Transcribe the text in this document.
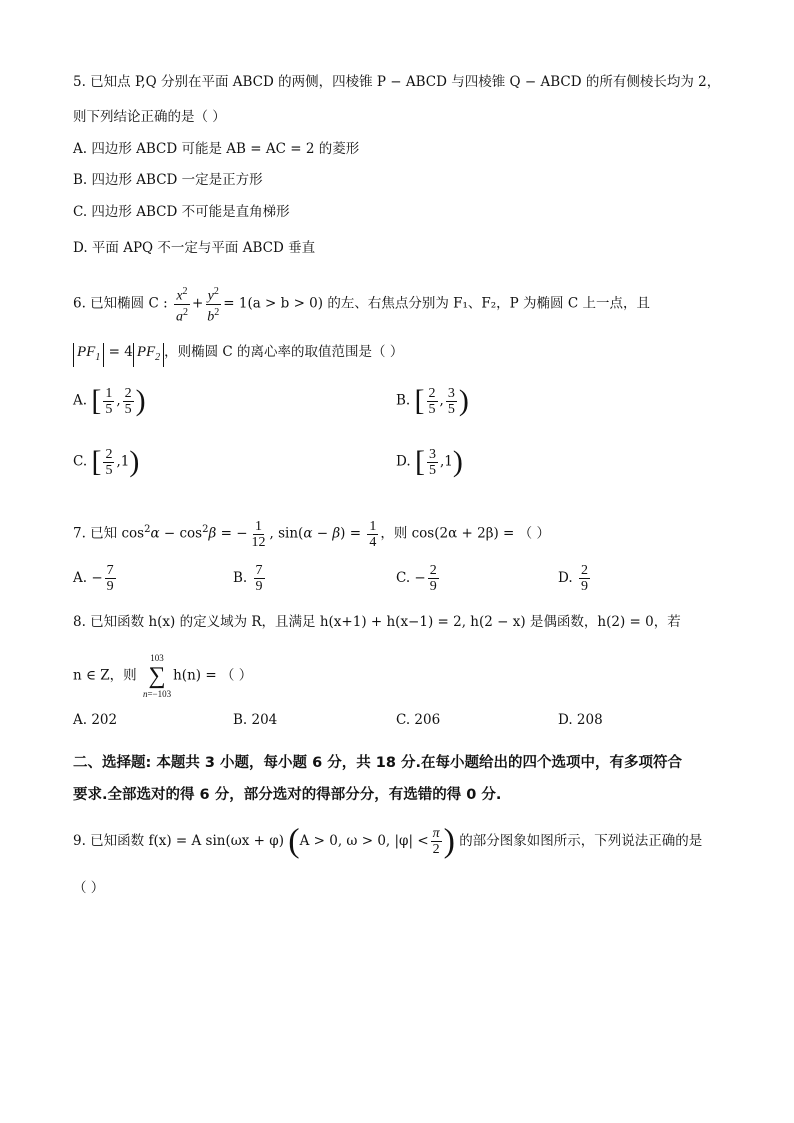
5. 已知点 P,Q 分别在平面 ABCD 的两侧，四棱锥 P − ABCD 与四棱锥 Q − ABCD 的所有侧棱长均为 2，
则下列结论正确的是（ ）
A. 四边形 ABCD 可能是 AB = AC = 2 的菱形
B. 四边形 ABCD 一定是正方形
C. 四边形 ABCD 不可能是直角梯形
D. 平面 APQ 不一定与平面 ABCD 垂直
6. 已知椭圆 C : $\frac{x^2}{a^2} + \frac{y^2}{b^2} = 1(a > b > 0)$ 的左、右焦点分别为 F₁、F₂，P 为椭圆 C 上一点，且
$PF_1 = 4$ $PF_2$ ，则椭圆 C 的离心率的取值范围是（ ）
A. [ $\frac{1}{5}$ , $\frac{2}{5}$ )	B. [ $\frac{2}{5}$ , $\frac{3}{5}$ )
C. [ $\frac{2}{5} ,1$)	D. [ $\frac{3}{5} ,1$)
7. 已知 $\cos^2\alpha - \cos^2\beta$ = − $\frac{1}{12}$ , $\sin(\alpha - \beta) = \frac{1}{4}$ ，则 cos(2α + 2β) = （ ）
A. − $\frac{7}{9}$	B. $\frac{7}{9}$	C. − $\frac{2}{9}$	D. $\frac{2}{9}$
8. 已知函数 h(x) 的定义域为 R，且满足 h(x+1) + h(x−1) = 2, h(2 − x) 是偶函数，h(2) = 0，若
n ∈ Z，则
103
∑
n=−103
h(n) = （ ）
A. 202	B. 204	C. 206	D. 208
二、选择题: 本题共 3 小题，每小题 6 分，共 18 分.在每小题给出的四个选项中，有多项符合
要求.全部选对的得 6 分，部分选对的得部分分，有选错的得 0 分.
9. 已知函数 f(x) = A sin(ωx + φ) (A > 0, ω > 0, $|\varphi| < \frac{\pi}{2}$ ) 的部分图象如图所示，下列说法正确的是
（ ）
